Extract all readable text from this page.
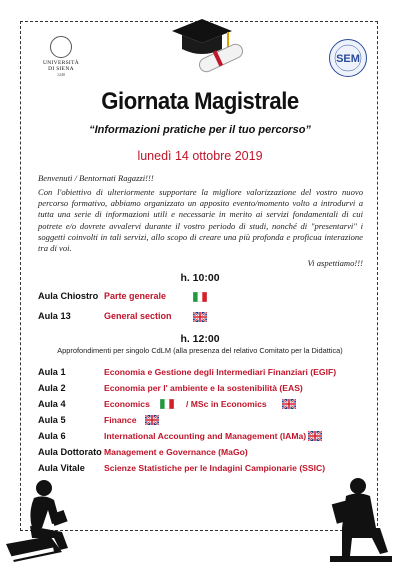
UNIVERSITÀ
DI SIENA
1240
SEM
Giornata Magistrale
“Informazioni pratiche per il tuo percorso”
lunedì 14 ottobre 2019
Benvenuti / Bentornati Ragazzi!!!
Con l'obiettivo di ulteriormente supportare la migliore valorizzazione del vostro nuovo percorso formativo, abbiamo organizzato un apposito evento/momento volto a introdurvi a tutta una serie di informazioni utili e necessarie in merito ai servizi fondamentali di cui potrete e/o dovrete avvalervi durante il vostro periodo di studi, nonché di "presentarvi" i soggetti coinvolti in tali servizi, allo scopo di creare una più profonda e proficua interazione tra di voi.
Vi aspettiamo!!!
h. 10:00
Aula Chiostro Parte generale
Aula 13	General section
h. 12:00
Approfondimenti per singolo CdLM (alla presenza del relativo Comitato per la Didattica)
Aula 1	Economia e Gestione degli Intermediari Finanziari (EGIF)
Aula 2	Economia per l' ambiente e la sostenibilità (EAS)
Aula 4	Economics	/ MSc in Economics
Aula 5	Finance
Aula 6	International Accounting and Management (IAMa)
Aula Dottorato Management e Governance (MaGo)
Aula Vitale Scienze Statistiche per le Indagini Campionarie (SSIC)
